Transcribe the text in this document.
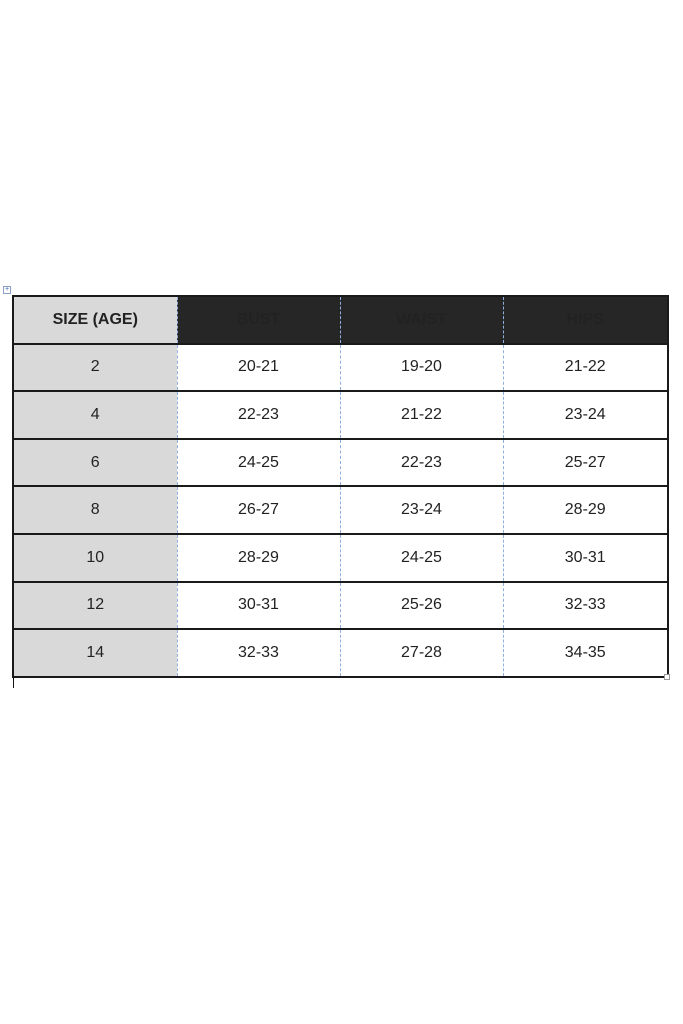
+
SIZE (AGE)	BUST	WAIST	HIPS
2	20-21	19-20	21-22
4	22-23	21-22	23-24
6	24-25	22-23	25-27
8	26-27	23-24	28-29
10	28-29	24-25	30-31
12	30-31	25-26	32-33
14	32-33	27-28	34-35
